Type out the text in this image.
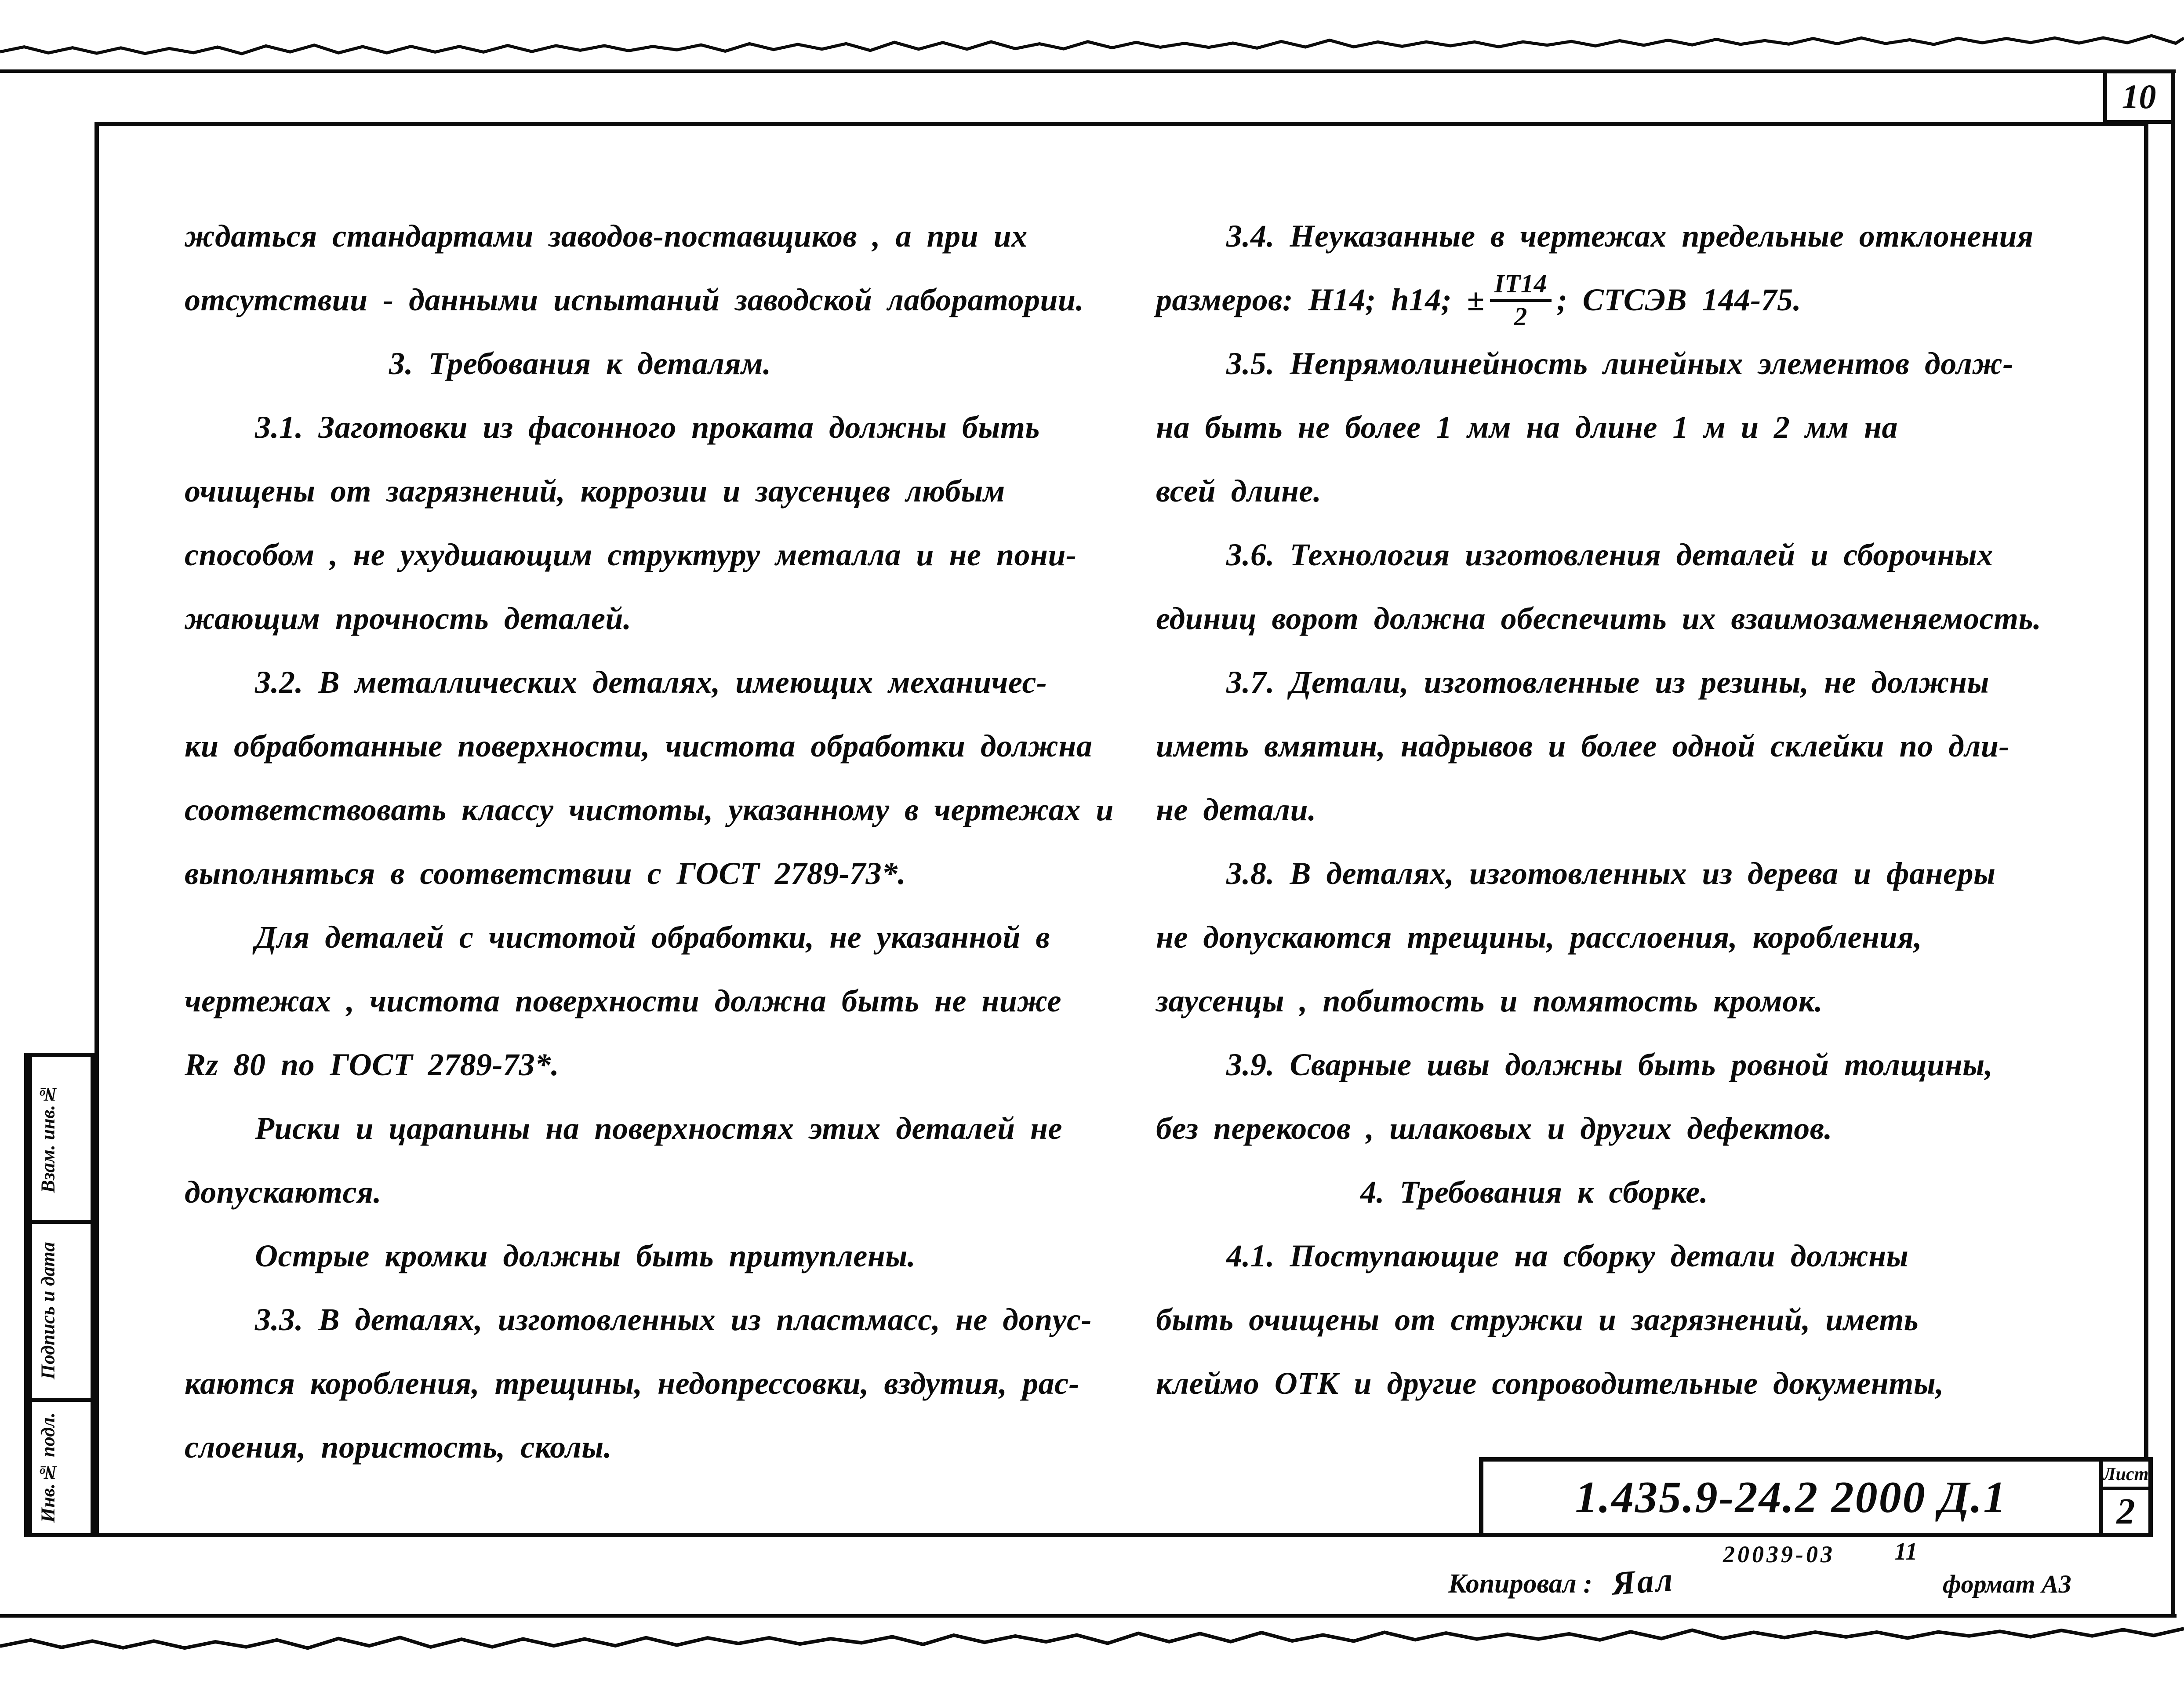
10
Взам. инв.№
Подпись и дата
Инв.№ подл.
ждаться стандартами заводов-поставщиков , а при их
отсутствии - данными испытаний заводской лаборатории.
3. Требования к деталям.
3.1. Заготовки из фасонного проката должны быть
очищены от загрязнений, коррозии и заусенцев любым
способом , не ухудшающим структуру металла и не пони-
жающим прочность деталей.
3.2. В металлических деталях, имеющих механичес-
ки обработанные поверхности, чистота обработки должна
соответствовать классу чистоты, указанному в чертежах и
выполняться в соответствии с ГОСТ 2789-73*.
Для деталей с чистотой обработки, не указанной в
чертежах , чистота поверхности должна быть не ниже
Rz 80 по ГОСТ 2789-73*.
Риски и царапины на поверхностях этих деталей не
допускаются.
Острые кромки должны быть притуплены.
3.3. В деталях, изготовленных из пластмасс, не допус-
каются коробления, трещины, недопрессовки, вздутия, рас-
слоения, пористость, сколы.
3.4. Неуказанные в чертежах предельные отклонения
размеров: Н14; h14; ± $\frac{IT14}{2}$ ; СТСЭВ 144-75.
3.5. Непрямолинейность линейных элементов долж-
на быть не более 1 мм на длине 1 м и 2 мм на
всей длине.
3.6. Технология изготовления деталей и сборочных
единиц ворот должна обеспечить их взаимозаменяемость.
3.7. Детали, изготовленные из резины, не должны
иметь вмятин, надрывов и более одной склейки по дли-
не детали.
3.8. В деталях, изготовленных из дерева и фанеры
не допускаются трещины, расслоения, коробления,
заусенцы , побитость и помятость кромок.
3.9. Сварные швы должны быть ровной толщины,
без перекосов , шлаковых и других дефектов.
4. Требования к сборке.
4.1. Поступающие на сборку детали должны
быть очищены от стружки и загрязнений, иметь
клеймо ОТК и другие сопроводительные документы,
1.435.9-24.2 2000 Д.1	Лист
2
20039-03 11
Копировал : Яал	формат А3
